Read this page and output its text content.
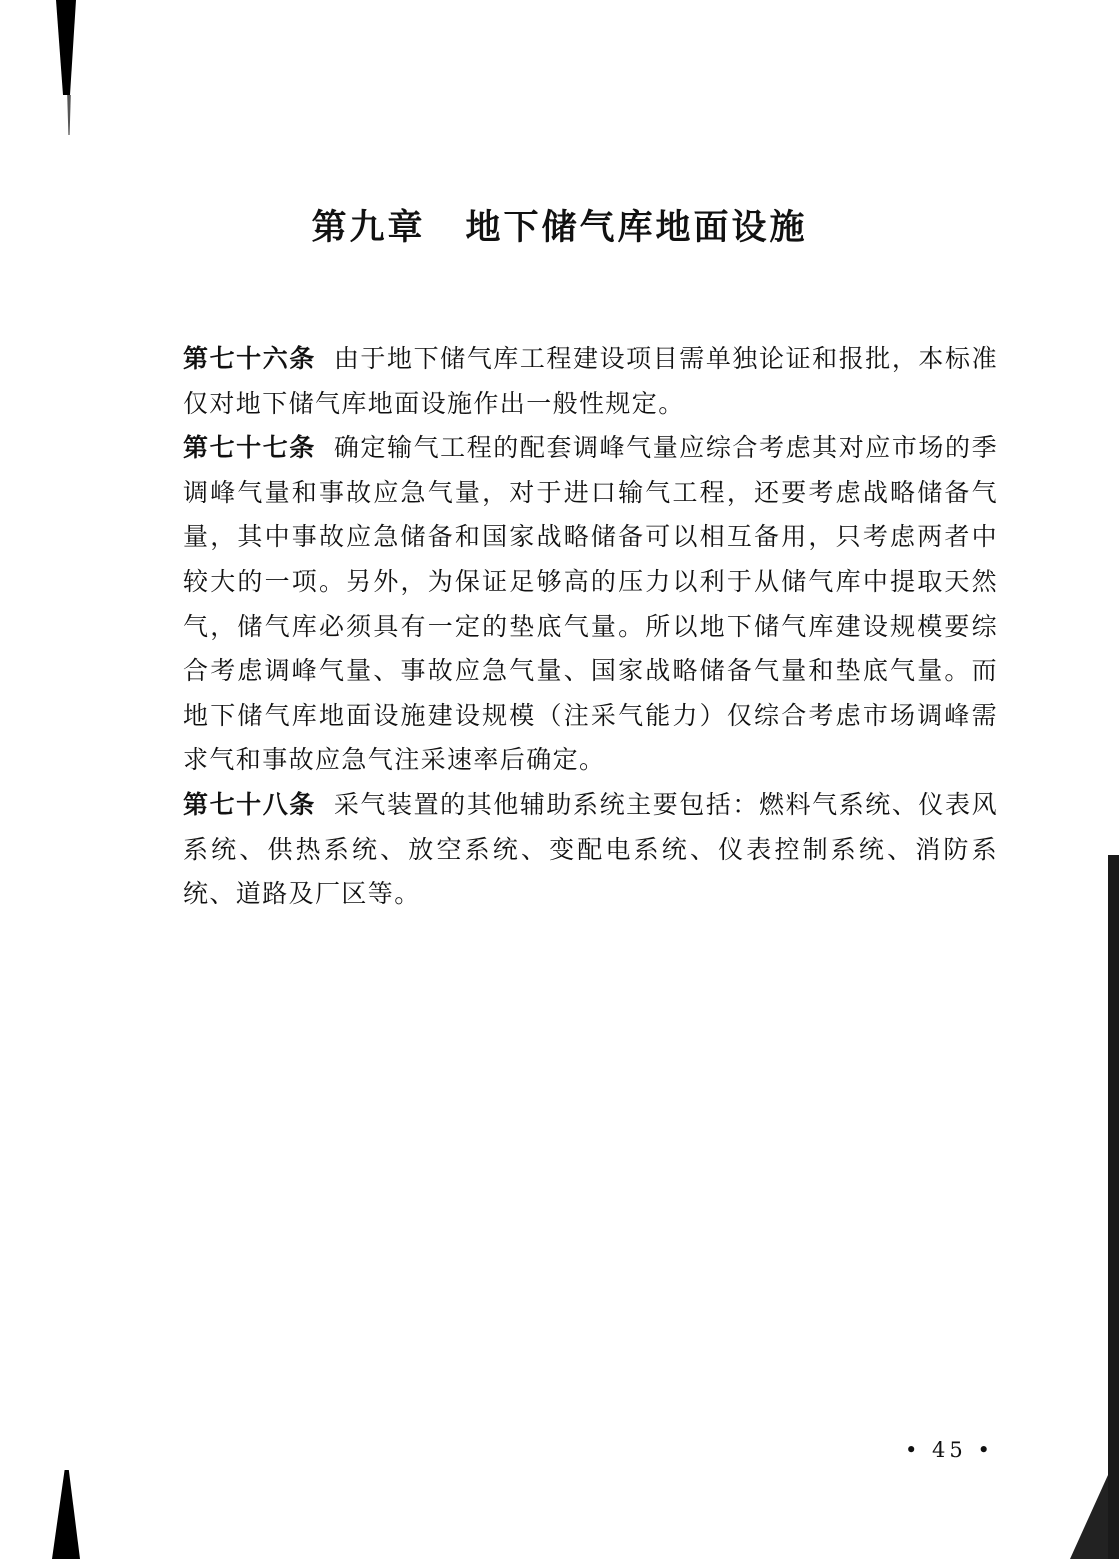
第九章 地下储气库地面设施

第七十六条 由于地下储气库工程建设项目需单独论证和报批，本标准仅对地下储气库地面设施作出一般性规定。

第七十七条 确定输气工程的配套调峰气量应综合考虑其对应市场的季调峰气量和事故应急气量，对于进口输气工程，还要考虑战略储备气量，其中事故应急储备和国家战略储备可以相互备用，只考虑两者中较大的一项。另外，为保证足够高的压力以利于从储气库中提取天然气，储气库必须具有一定的垫底气量。所以地下储气库建设规模要综合考虑调峰气量、事故应急气量、国家战略储备气量和垫底气量。而地下储气库地面设施建设规模（注采气能力）仅综合考虑市场调峰需求气和事故应急气注采速率后确定。

第七十八条 采气装置的其他辅助系统主要包括：燃料气系统、仪表风系统、供热系统、放空系统、变配电系统、仪表控制系统、消防系统、道路及厂区等。

• 45 •
